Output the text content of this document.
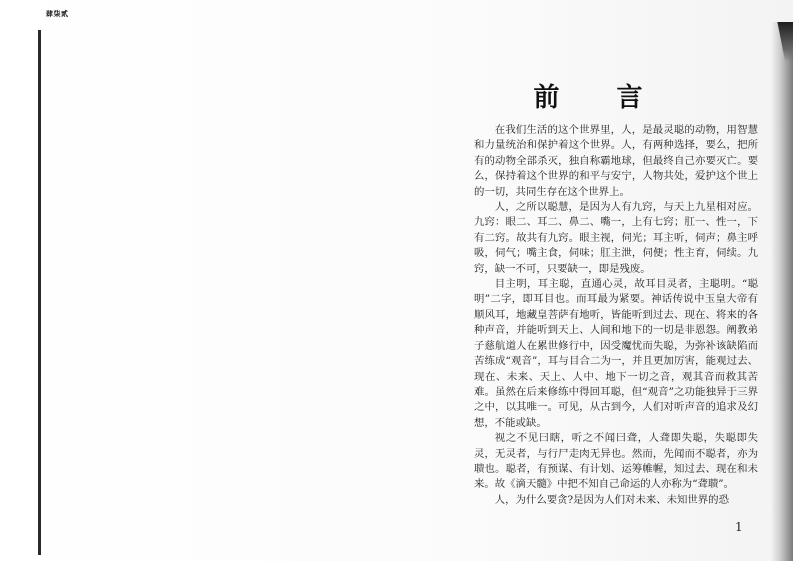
肆柒贰
前 言

在我们生活的这个世界里，人，是最灵聪的动物，用智慧和力量统治和保护着这个世界。人，有两种选择，要么，把所有的动物全部杀灭，独自称霸地球，但最终自己亦要灭亡。要么，保持着这个世界的和平与安宁，人物共处，爱护这个世上的一切，共同生存在这个世界上。

人，之所以聪慧，是因为人有九窍，与天上九星相对应。九窍：眼二、耳二、鼻二、嘴一，上有七窍；肛一、性一，下有二窍。故共有九窍。眼主视，伺光；耳主听，伺声；鼻主呼吸，伺气；嘴主食，伺味；肛主泄，伺便；性主育，伺续。九窍，缺一不可，只要缺一，即是残废。

目主明，耳主聪，直通心灵，故耳目灵者，主聪明。“聪明”二字，即耳目也。而耳最为紧要。神话传说中玉皇大帝有顺风耳，地藏皇菩萨有地听，皆能听到过去、现在、将来的各种声音，并能听到天上、人间和地下的一切是非恩怨。阐教弟子慈航道人在累世修行中，因受魔忧而失聪，为弥补该缺陷而苦练成“观音”，耳与目合二为一，并且更加厉害，能观过去、现在、未来、天上、人中、地下一切之音，观其音而救其苦难。虽然在后来修练中得回耳聪，但“观音”之功能独异于三界之中，以其唯一。可见，从古到今，人们对听声音的追求及幻想，不能或缺。

视之不见曰瞎，听之不闻曰聋，人聋即失聪，失聪即失灵，无灵者，与行尸走肉无异也。然而，先闻而不聪者，亦为聩也。聪者，有预谋、有计划、运筹帷幄，知过去、现在和未来。故《滴天髓》中把不知自己命运的人亦称为“聋聩”。

人，为什么要贪?是因为人们对未来、未知世界的恐

1
